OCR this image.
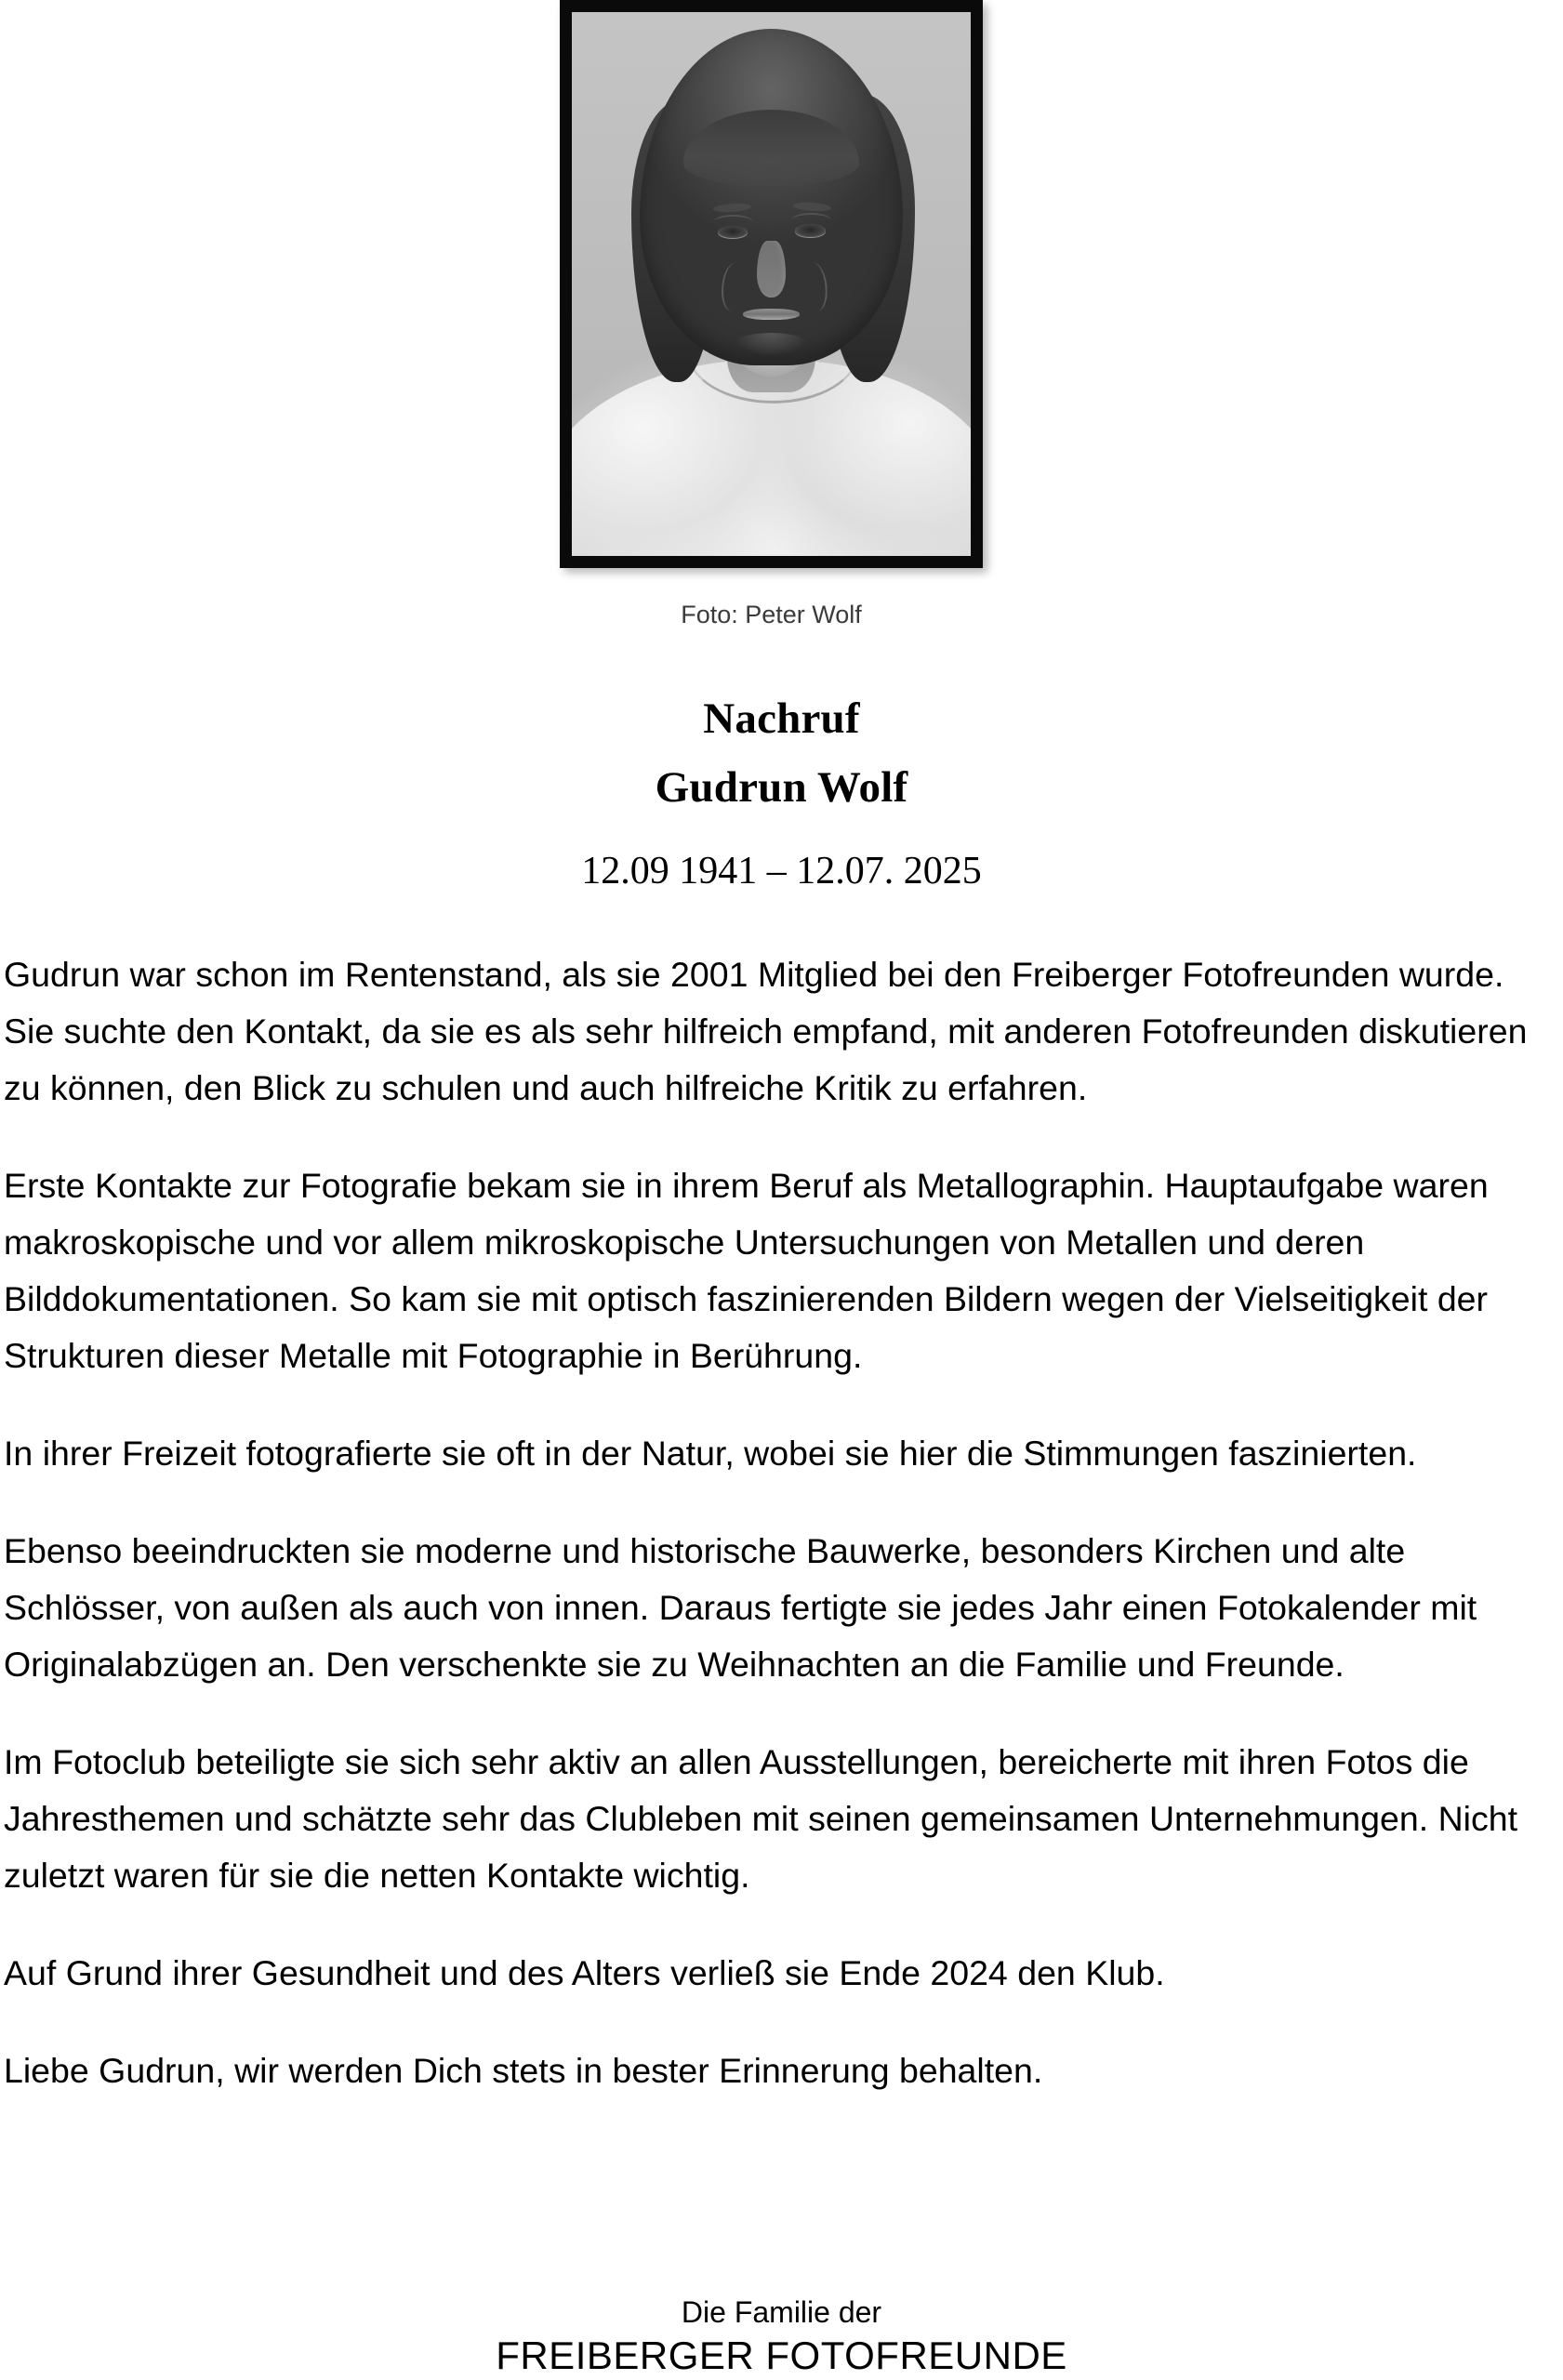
Foto: Peter Wolf
Nachruf
Gudrun Wolf
12.09 1941 – 12.07. 2025

Gudrun war schon im Rentenstand, als sie 2001 Mitglied bei den Freiberger Fotofreunden wurde. Sie suchte den Kontakt, da sie es als sehr hilfreich empfand, mit anderen Fotofreunden diskutieren zu können, den Blick zu schulen und auch hilfreiche Kritik zu erfahren.

Erste Kontakte zur Fotografie bekam sie in ihrem Beruf als Metallographin. Hauptaufgabe waren makroskopische und vor allem mikroskopische Untersuchungen von Metallen und deren Bilddokumentationen. So kam sie mit optisch faszinierenden Bildern wegen der Vielseitigkeit der Strukturen dieser Metalle mit Fotographie in Berührung.

In ihrer Freizeit fotografierte sie oft in der Natur, wobei sie hier die Stimmungen faszinierten.

Ebenso beeindruckten sie moderne und historische Bauwerke, besonders Kirchen und alte Schlösser, von außen als auch von innen. Daraus fertigte sie jedes Jahr einen Fotokalender mit Originalabzügen an. Den verschenkte sie zu Weihnachten an die Familie und Freunde.

Im Fotoclub beteiligte sie sich sehr aktiv an allen Ausstellungen, bereicherte mit ihren Fotos die Jahresthemen und schätzte sehr das Clubleben mit seinen gemeinsamen Unternehmungen. Nicht zuletzt waren für sie die netten Kontakte wichtig.

Auf Grund ihrer Gesundheit und des Alters verließ sie Ende 2024 den Klub.

Liebe Gudrun, wir werden Dich stets in bester Erinnerung behalten.

Die Familie der
FREIBERGER FOTOFREUNDE
